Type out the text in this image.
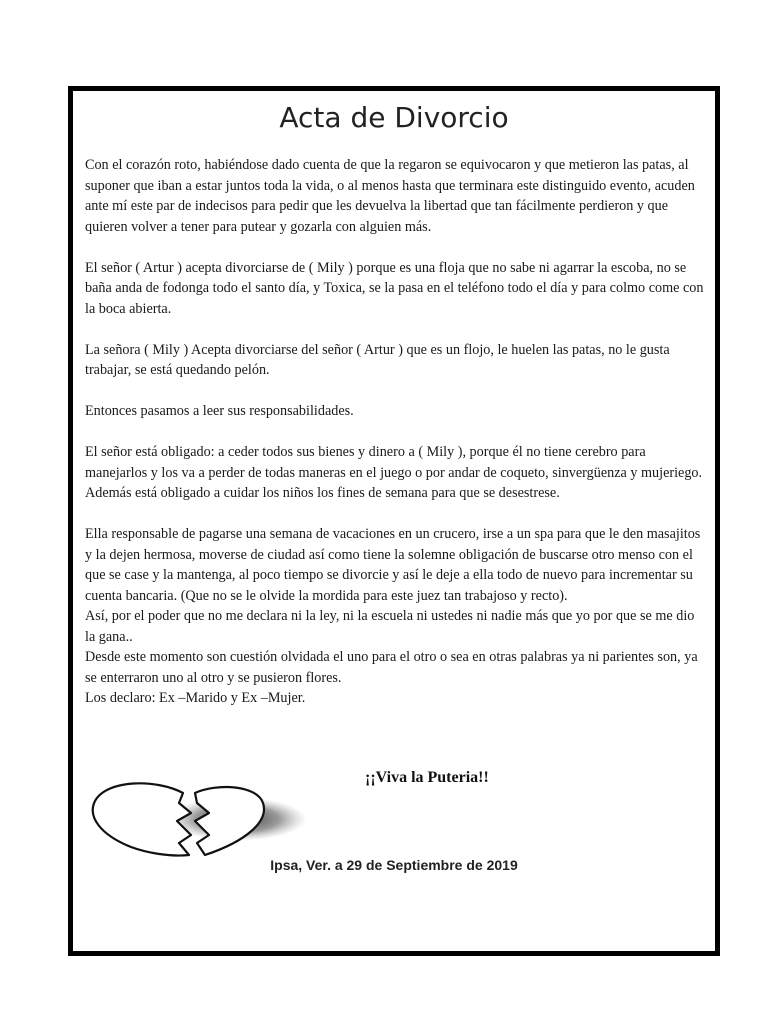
Acta de Divorcio

Con el corazón roto, habiéndose dado cuenta de que la regaron se equivocaron y que metieron las patas, al suponer que iban a estar juntos toda la vida, o al menos hasta que terminara este distinguido evento, acuden ante mí este par de indecisos para pedir que les devuelva la libertad que tan fácilmente perdieron y que quieren volver a tener para putear y gozarla con alguien más.

El señor ( Artur ) acepta divorciarse de ( Mily ) porque es una floja que no sabe ni agarrar la escoba, no se baña anda de fodonga todo el santo día, y Toxica, se la pasa en el teléfono todo el día y para colmo come con la boca abierta.

La señora ( Mily ) Acepta divorciarse del señor ( Artur ) que es un flojo, le huelen las patas, no le gusta trabajar, se está quedando pelón.

Entonces pasamos a leer sus responsabilidades.

El señor está obligado: a ceder todos sus bienes y dinero a ( Mily ), porque él no tiene cerebro para manejarlos y los va a perder de todas maneras en el juego o por andar de coqueto, sinvergüenza y mujeriego.

Además está obligado a cuidar los niños los fines de semana para que se desestrese.

Ella responsable de pagarse una semana de vacaciones en un crucero, irse a un spa para que le den masajitos y la dejen hermosa, moverse de ciudad así como tiene la solemne obligación de buscarse otro menso con el que se case y la mantenga, al poco tiempo se divorcie y así le deje a ella todo de nuevo para incrementar su cuenta bancaria. (Que no se le olvide la mordida para este juez tan trabajoso y recto).

Así, por el poder que no me declara ni la ley, ni la escuela ni ustedes ni nadie más que yo por que se me dio la gana..

Desde este momento son cuestión olvidada el uno para el otro o sea en otras palabras ya ni parientes son, ya se enterraron uno al otro y se pusieron flores.

Los declaro: Ex –Marido y Ex –Mujer.

¡¡Viva la Puteria!!
Ipsa, Ver. a 29 de Septiembre de 2019
